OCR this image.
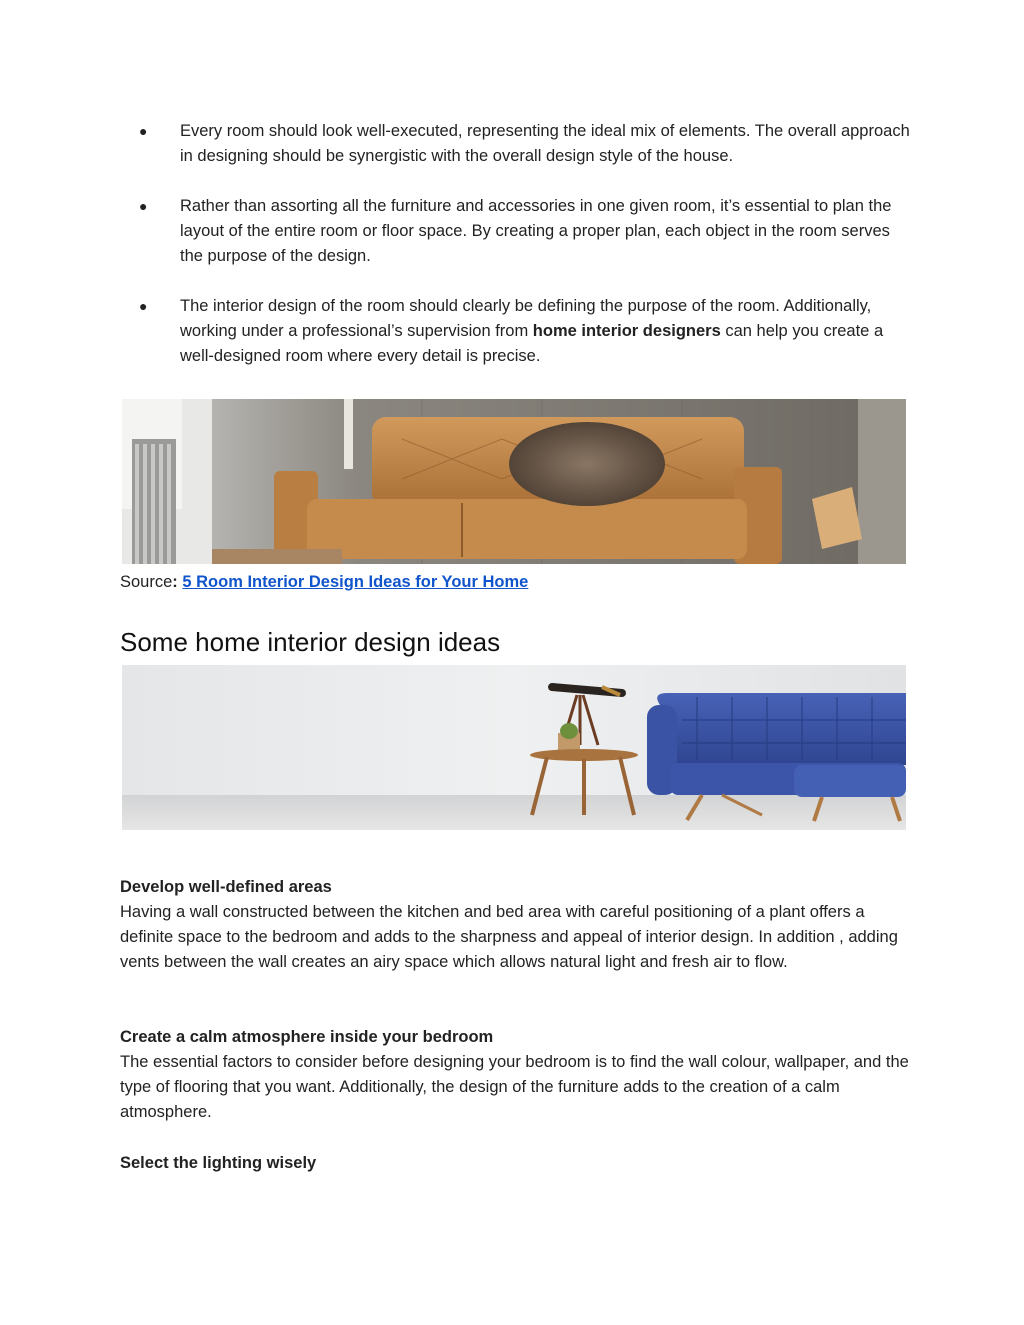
● Every room should look well-executed, representing the ideal mix of elements. The overall approach in designing should be synergistic with the overall design style of the house.
● Rather than assorting all the furniture and accessories in one given room, it’s essential to plan the layout of the entire room or floor space. By creating a proper plan, each object in the room serves the purpose of the design.
● The interior design of the room should clearly be defining the purpose of the room. Additionally, working under a professional’s supervision from home interior designers can help you create a well-designed room where every detail is precise.
Source: 5 Room Interior Design Ideas for Your Home
Some home interior design ideas
Develop well-defined areas

Having a wall constructed between the kitchen and bed area with careful positioning of a plant offers a definite space to the bedroom and adds to the sharpness and appeal of interior design. In addition , adding vents between the wall creates an airy space which allows natural light and fresh air to flow.

Create a calm atmosphere inside your bedroom

The essential factors to consider before designing your bedroom is to find the wall colour, wallpaper, and the type of flooring that you want. Additionally, the design of the furniture adds to the creation of a calm atmosphere.

Select the lighting wisely
